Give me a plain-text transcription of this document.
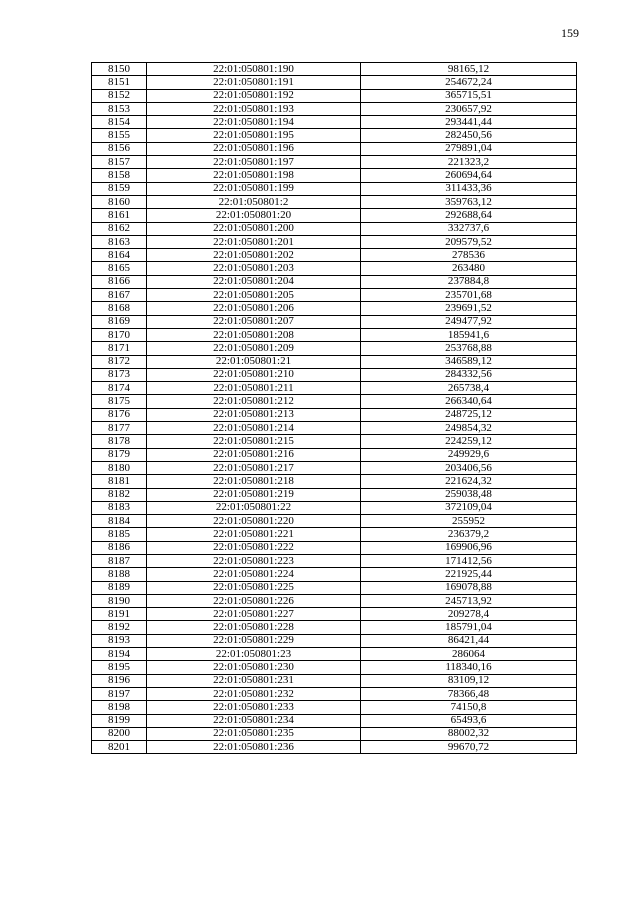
159
8150	22:01:050801:190	98165,12
8151	22:01:050801:191	254672,24
8152	22:01:050801:192	365715,51
8153	22:01:050801:193	230657,92
8154	22:01:050801:194	293441,44
8155	22:01:050801:195	282450,56
8156	22:01:050801:196	279891,04
8157	22:01:050801:197	221323,2
8158	22:01:050801:198	260694,64
8159	22:01:050801:199	311433,36
8160	22:01:050801:2	359763,12
8161	22:01:050801:20	292688,64
8162	22:01:050801:200	332737,6
8163	22:01:050801:201	209579,52
8164	22:01:050801:202	278536
8165	22:01:050801:203	263480
8166	22:01:050801:204	237884,8
8167	22:01:050801:205	235701,68
8168	22:01:050801:206	239691,52
8169	22:01:050801:207	249477,92
8170	22:01:050801:208	185941,6
8171	22:01:050801:209	253768,88
8172	22:01:050801:21	346589,12
8173	22:01:050801:210	284332,56
8174	22:01:050801:211	265738,4
8175	22:01:050801:212	266340,64
8176	22:01:050801:213	248725,12
8177	22:01:050801:214	249854,32
8178	22:01:050801:215	224259,12
8179	22:01:050801:216	249929,6
8180	22:01:050801:217	203406,56
8181	22:01:050801:218	221624,32
8182	22:01:050801:219	259038,48
8183	22:01:050801:22	372109,04
8184	22:01:050801:220	255952
8185	22:01:050801:221	236379,2
8186	22:01:050801:222	169906,96
8187	22:01:050801:223	171412,56
8188	22:01:050801:224	221925,44
8189	22:01:050801:225	169078,88
8190	22:01:050801:226	245713,92
8191	22:01:050801:227	209278,4
8192	22:01:050801:228	185791,04
8193	22:01:050801:229	86421,44
8194	22:01:050801:23	286064
8195	22:01:050801:230	118340,16
8196	22:01:050801:231	83109,12
8197	22:01:050801:232	78366,48
8198	22:01:050801:233	74150,8
8199	22:01:050801:234	65493,6
8200	22:01:050801:235	88002,32
8201	22:01:050801:236	99670,72
